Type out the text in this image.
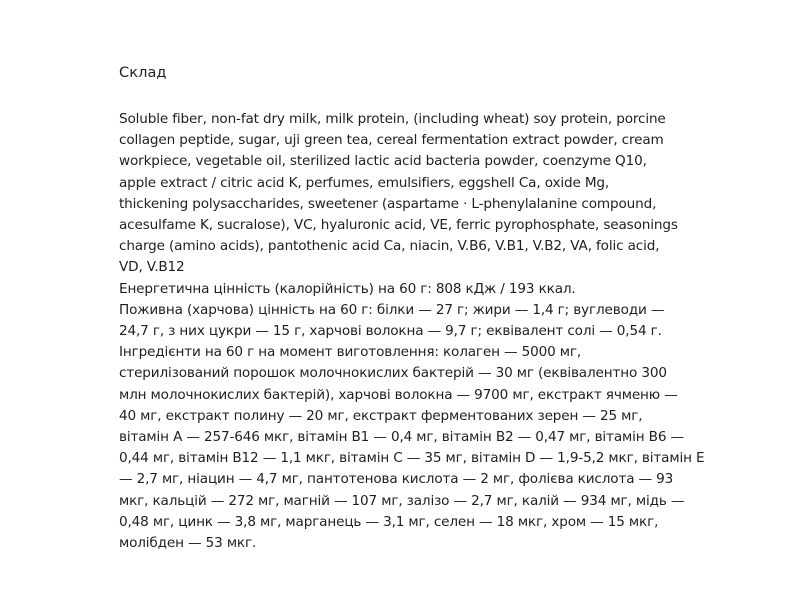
Склад
Soluble fiber, non-fat dry milk, milk protein, (including wheat) soy protein, porcine
collagen peptide, sugar, uji green tea, cereal fermentation extract powder, cream
workpiece, vegetable oil, sterilized lactic acid bacteria powder, coenzyme Q10,
apple extract / citric acid K, perfumes, emulsifiers, eggshell Ca, oxide Mg,
thickening polysaccharides, sweetener (aspartame · L-phenylalanine compound,
acesulfame K, sucralose), VC, hyaluronic acid, VE, ferric pyrophosphate, seasonings
charge (amino acids), pantothenic acid Ca, niacin, V.B6, V.B1, V.B2, VA, folic acid,
VD, V.B12
Енергетична цінність (калорійність) на 60 г: 808 кДж / 193 ккал.
Поживна (харчова) цінність на 60 г: білки — 27 г; жири — 1,4 г; вуглеводи —
24,7 г, з них цукри — 15 г, харчові волокна — 9,7 г; еквівалент солі — 0,54 г.
Інгредієнти на 60 г на момент виготовлення: колаген — 5000 мг,
стерилізований порошок молочнокислих бактерій — 30 мг (еквівалентно 300
млн молочнокислих бактерій), харчові волокна — 9700 мг, екстракт ячменю —
40 мг, екстракт полину — 20 мг, екстракт ферментованих зерен — 25 мг,
вітамін А — 257-646 мкг, вітамін В1 — 0,4 мг, вітамін В2 — 0,47 мг, вітамін В6 —
0,44 мг, вітамін В12 — 1,1 мкг, вітамін С — 35 мг, вітамін D — 1,9-5,2 мкг, вітамін Е
— 2,7 мг, ніацин — 4,7 мг, пантотенова кислота — 2 мг, фолієва кислота — 93
мкг, кальцій — 272 мг, магній — 107 мг, залізо — 2,7 мг, калій — 934 мг, мідь —
0,48 мг, цинк — 3,8 мг, марганець — 3,1 мг, селен — 18 мкг, хром — 15 мкг,
молібден — 53 мкг.
